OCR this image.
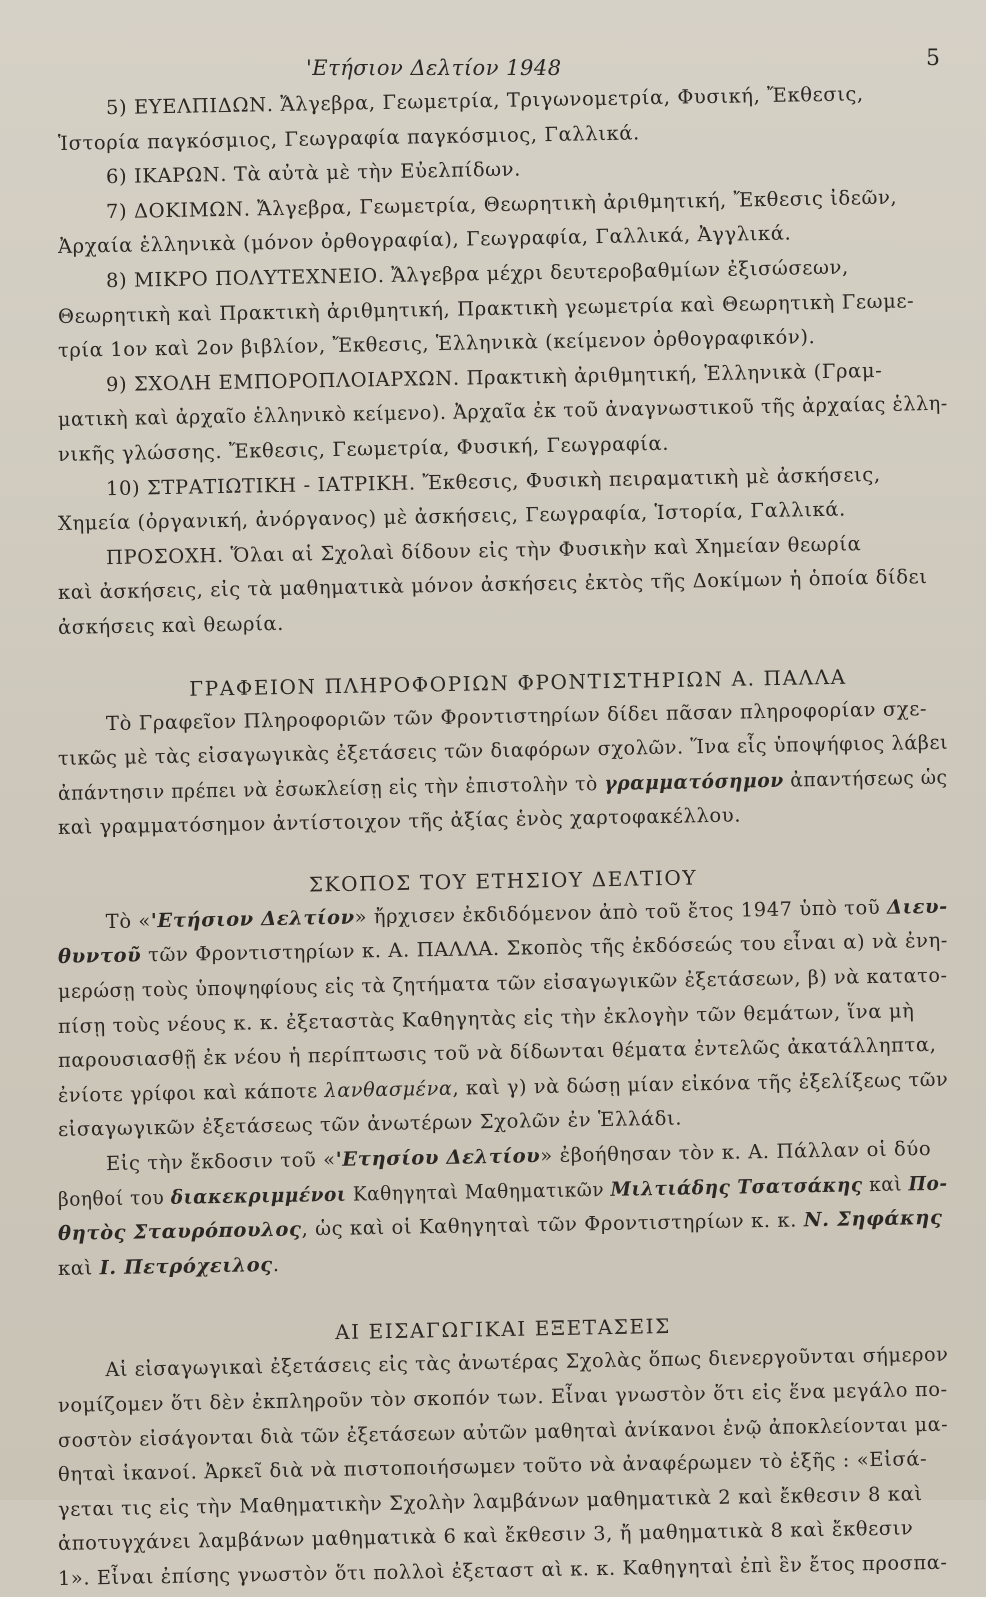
'Ετήσιον Δελτίον 1948	5
5) ΕΥΕΛΠΙΔΩΝ. Ἄλγεβρα, Γεωμετρία, Τριγωνομετρία, Φυσική, Ἔκθεσις,
Ἱστορία παγκόσμιος, Γεωγραφία παγκόσμιος, Γαλλικά.
6) ΙΚΑΡΩΝ. Τὰ αὐτὰ μὲ τὴν Εὐελπίδων.
7) ΔΟΚΙΜΩΝ. Ἄλγεβρα, Γεωμετρία, Θεωρητικὴ ἀριθμητική, Ἔκθεσις ἰδεῶν,
Ἀρχαία ἑλληνικὰ (μόνον ὀρθογραφία), Γεωγραφία, Γαλλικά, Ἀγγλικά.
8) ΜΙΚΡΟ ΠΟΛΥΤΕΧΝΕΙΟ. Ἄλγεβρα μέχρι δευτεροβαθμίων ἐξισώσεων,
Θεωρητικὴ καὶ Πρακτικὴ ἀριθμητική, Πρακτικὴ γεωμετρία καὶ Θεωρητικὴ Γεωμε-
τρία 1ον καὶ 2ον βιβλίον, Ἔκθεσις, Ἑλληνικὰ (κείμενον ὀρθογραφικόν).
9) ΣΧΟΛΗ ΕΜΠΟΡΟΠΛΟΙΑΡΧΩΝ. Πρακτικὴ ἀριθμητική, Ἑλληνικὰ (Γραμ-
ματικὴ καὶ ἀρχαῖο ἑλληνικὸ κείμενο). Ἀρχαῖα ἐκ τοῦ ἀναγνωστικοῦ τῆς ἀρχαίας ἑλλη-
νικῆς γλώσσης. Ἔκθεσις, Γεωμετρία, Φυσική, Γεωγραφία.
10) ΣΤΡΑΤΙΩΤΙΚΗ - ΙΑΤΡΙΚΗ. Ἔκθεσις, Φυσικὴ πειραματικὴ μὲ ἀσκήσεις,
Χημεία (ὀργανική, ἀνόργανος) μὲ ἀσκήσεις, Γεωγραφία, Ἱστορία, Γαλλικά.
ΠΡΟΣΟΧΗ. Ὅλαι αἱ Σχολαὶ δίδουν εἰς τὴν Φυσικὴν καὶ Χημείαν θεωρία
καὶ ἀσκήσεις, εἰς τὰ μαθηματικὰ μόνον ἀσκήσεις ἐκτὸς τῆς Δοκίμων ἡ ὁποία δίδει
ἀσκήσεις καὶ θεωρία.
ΓΡΑΦΕΙΟΝ ΠΛΗΡΟΦΟΡΙΩΝ ΦΡΟΝΤΙΣΤΗΡΙΩΝ Α. ΠΑΛΛΑ
Τὸ Γραφεῖον Πληροφοριῶν τῶν Φροντιστηρίων δίδει πᾶσαν πληροφορίαν σχε-
τικῶς μὲ τὰς εἰσαγωγικὰς ἐξετάσεις τῶν διαφόρων σχολῶν. Ἵνα εἷς ὑποψήφιος λάβει
ἀπάντησιν πρέπει νὰ ἐσωκλείσῃ εἰς τὴν ἐπιστολὴν τὸ γραμματόσημον ἀπαντήσεως ὡς
καὶ γραμματόσημον ἀντίστοιχον τῆς ἀξίας ἑνὸς χαρτοφακέλλου.
ΣΚΟΠΟΣ ΤΟΥ ΕΤΗΣΙΟΥ ΔΕΛΤΙΟΥ
Τὸ «'Ετήσιον Δελτίον» ἤρχισεν ἐκδιδόμενον ἀπὸ τοῦ ἔτος 1947 ὑπὸ τοῦ Διευ-
θυντοῦ τῶν Φροντιστηρίων κ. Α. ΠΑΛΛΑ. Σκοπὸς τῆς ἐκδόσεώς του εἶναι α) νὰ ἐνη-
μερώσῃ τοὺς ὑποψηφίους εἰς τὰ ζητήματα τῶν εἰσαγωγικῶν ἐξετάσεων, β) νὰ κατατο-
πίσῃ τοὺς νέους κ. κ. ἐξεταστὰς Καθηγητὰς εἰς τὴν ἐκλογὴν τῶν θεμάτων, ἵνα μὴ
παρουσιασθῇ ἐκ νέου ἡ περίπτωσις τοῦ νὰ δίδωνται θέματα ἐντελῶς ἀκατάλληπτα,
ἐνίοτε γρίφοι καὶ κάποτε λανθασμένα, καὶ γ) νὰ δώσῃ μίαν εἰκόνα τῆς ἐξελίξεως τῶν
εἰσαγωγικῶν ἐξετάσεως τῶν ἀνωτέρων Σχολῶν ἐν Ἑλλάδι.
Εἰς τὴν ἔκδοσιν τοῦ «'Ετησίου Δελτίου» ἐβοήθησαν τὸν κ. Α. Πάλλαν οἱ δύο
βοηθοί του διακεκριμμένοι Καθηγηταὶ Μαθηματικῶν Μιλτιάδης Τσατσάκης καὶ Πο-
θητὸς Σταυρόπουλος, ὡς καὶ οἱ Καθηγηταὶ τῶν Φροντιστηρίων κ. κ. Ν. Σηφάκης
καὶ Ι. Πετρόχειλος.
ΑΙ ΕΙΣΑΓΩΓΙΚΑΙ ΕΞΕΤΑΣΕΙΣ
Αἱ εἰσαγωγικαὶ ἐξετάσεις εἰς τὰς ἀνωτέρας Σχολὰς ὅπως διενεργοῦνται σήμερον
νομίζομεν ὅτι δὲν ἐκπληροῦν τὸν σκοπόν των. Εἶναι γνωστὸν ὅτι εἰς ἕνα μεγάλο πο-
σοστὸν εἰσάγονται διὰ τῶν ἐξετάσεων αὐτῶν μαθηταὶ ἀνίκανοι ἐνῷ ἀποκλείονται μα-
θηταὶ ἱκανοί. Ἀρκεῖ διὰ νὰ πιστοποιήσωμεν τοῦτο νὰ ἀναφέρωμεν τὸ ἑξῆς : «Εἰσά-
γεται τις εἰς τὴν Μαθηματικὴν Σχολὴν λαμβάνων μαθηματικὰ 2 καὶ ἔκθεσιν 8 καὶ
ἀποτυγχάνει λαμβάνων μαθηματικὰ 6 καὶ ἔκθεσιν 3, ἤ μαθηματικὰ 8 καὶ ἔκθεσιν
1». Εἶναι ἐπίσης γνωστὸν ὅτι πολλοὶ ἐξεταστ αὶ κ. κ. Καθηγηταὶ ἐπὶ ἓν ἔτος προσπα-
